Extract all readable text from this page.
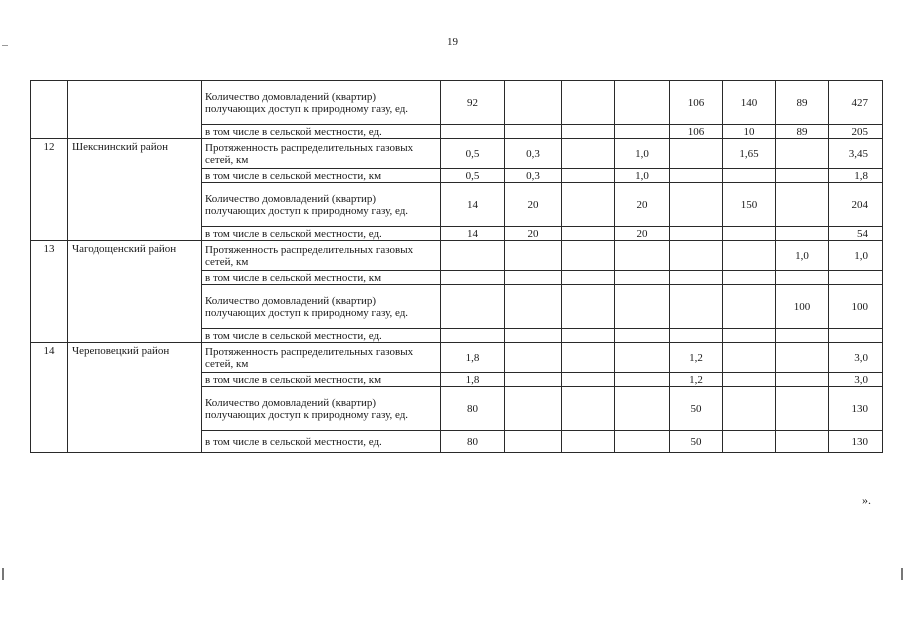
19
		Количество домовладений (квартир) получающих доступ к природному газу, ед.	92				106	140	89	427
		в том числе в сельской местности, ед.					106	10	89	205
12	Шекснинский район	Протяженность распределительных газовых сетей, км	0,5	0,3		1,0		1,65		3,45
		в том числе в сельской местности, км	0,5	0,3		1,0				1,8
		Количество домовладений (квартир) получающих доступ к природному газу, ед.	14	20		20		150		204
		в том числе в сельской местности, ед.	14	20		20				54
13	Чагодощенский район	Протяженность распределительных газовых сетей, км							1,0	1,0
		в том числе в сельской местности, км								
		Количество домовладений (квартир) получающих доступ к природному газу, ед.							100	100
		в том числе в сельской местности, ед.								
14	Череповецкий район	Протяженность распределительных газовых сетей, км	1,8				1,2			3,0
		в том числе в сельской местности, км	1,8				1,2			3,0
		Количество домовладений (квартир) получающих доступ к природному газу, ед.	80				50			130
		в том числе в сельской местности, ед.	80				50			130
».
